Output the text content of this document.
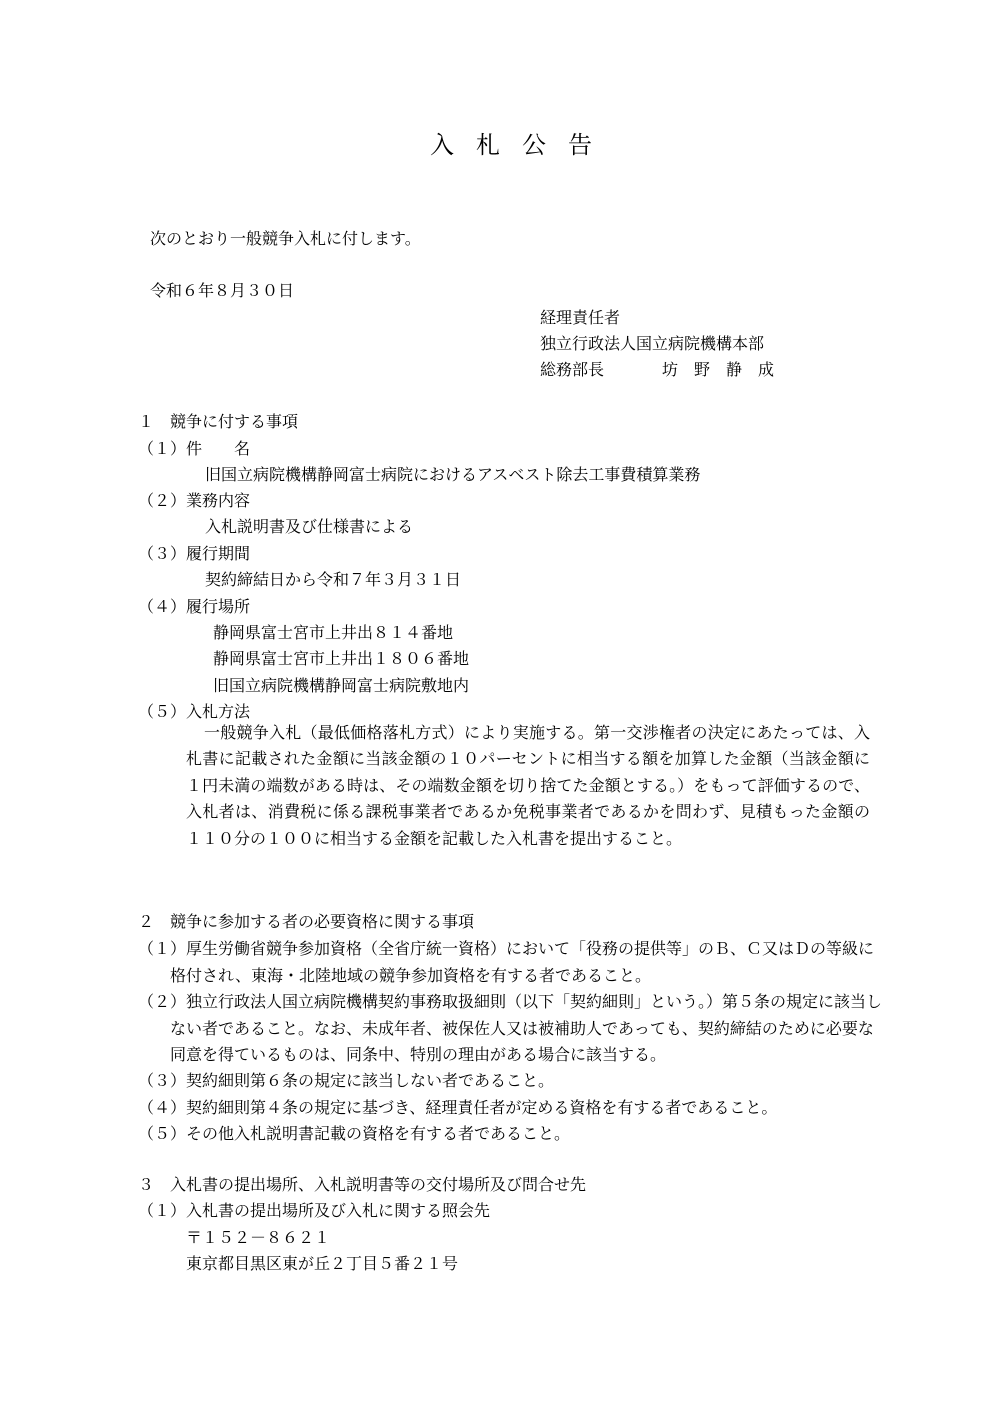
入札公告
次のとおり一般競争入札に付します。
令和６年８月３０日
経理責任者
独立行政法人国立病院機構本部
総務部長	坊　野　静　成
１　競争に付する事項
（１）件　　名
旧国立病院機構静岡富士病院におけるアスベスト除去工事費積算業務
（２）業務内容
入札説明書及び仕様書による
（３）履行期間
契約締結日から令和７年３月３１日
（４）履行場所
静岡県富士宮市上井出８１４番地
静岡県富士宮市上井出１８０６番地
旧国立病院機構静岡富士病院敷地内
（５）入札方法
一般競争入札（最低価格落札方式）により実施する。第一交渉権者の決定にあたっては、入札書に記載された金額に当該金額の１０パーセントに相当する額を加算した金額（当該金額に１円未満の端数がある時は、その端数金額を切り捨てた金額とする。）をもって評価するので、入札者は、消費税に係る課税事業者であるか免税事業者であるかを問わず、見積もった金額の１１０分の１００に相当する金額を記載した入札書を提出すること。
２　競争に参加する者の必要資格に関する事項
（１）厚生労働省競争参加資格（全省庁統一資格）において「役務の提供等」のＢ、Ｃ又はＤの等級に格付され、東海・北陸地域の競争参加資格を有する者であること。
（２）独立行政法人国立病院機構契約事務取扱細則（以下「契約細則」という。）第５条の規定に該当しない者であること。なお、未成年者、被保佐人又は被補助人であっても、契約締結のために必要な同意を得ているものは、同条中、特別の理由がある場合に該当する。
（３）契約細則第６条の規定に該当しない者であること。
（４）契約細則第４条の規定に基づき、経理責任者が定める資格を有する者であること。
（５）その他入札説明書記載の資格を有する者であること。
３　入札書の提出場所、入札説明書等の交付場所及び問合せ先
（１）入札書の提出場所及び入札に関する照会先
〒１５２－８６２１
東京都目黒区東が丘２丁目５番２１号
